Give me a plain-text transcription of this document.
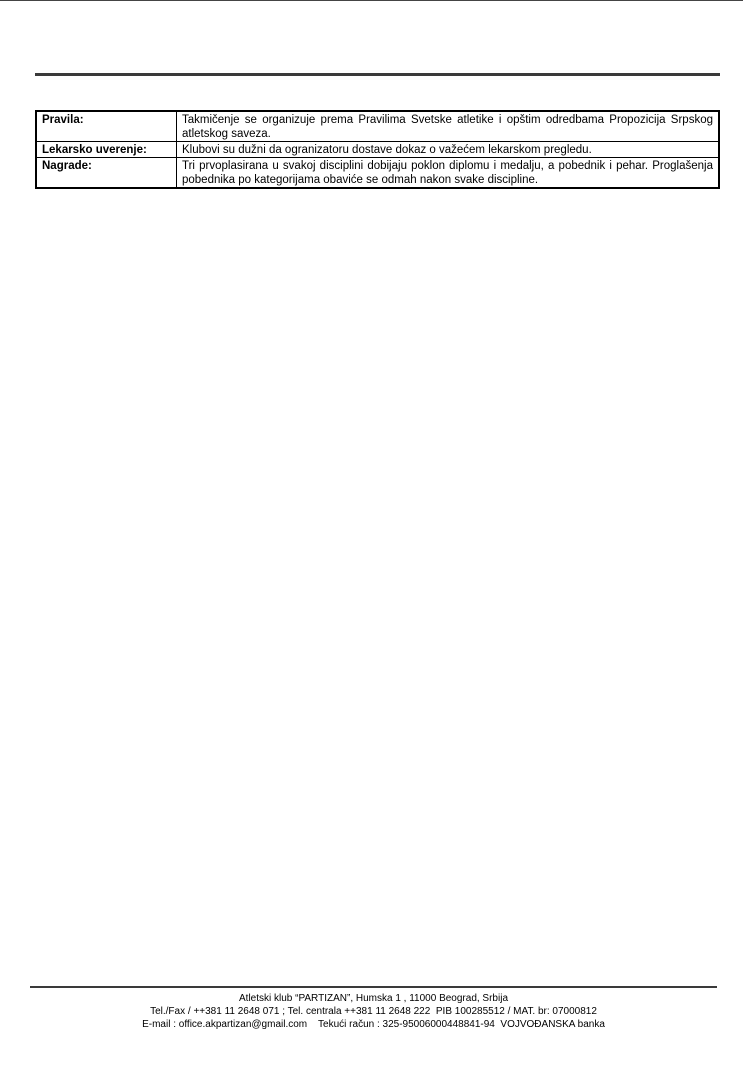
Pravila:	Takmičenje se organizuje prema Pravilima Svetske atletike i opštim odredbama Propozicija Srpskog atletskog saveza.
Lekarsko uverenje:	Klubovi su dužni da ogranizatoru dostave dokaz o važećem lekarskom pregledu.
Nagrade:	Tri prvoplasirana u svakoj disciplini dobijaju poklon diplomu i medalju, a pobednik i pehar. Proglašenja pobednika po kategorijama obaviće se odmah nakon svake discipline.
Atletski klub “PARTIZAN”, Humska 1 , 11000 Beograd, Srbija
Tel./Fax / ++381 11 2648 071 ; Tel. centrala ++381 11 2648 222  PIB 100285512 / MAT. br: 07000812
E-mail : office.akpartizan@gmail.com    Tekući račun : 325-95006000448841-94  VOJVOĐANSKA banka
